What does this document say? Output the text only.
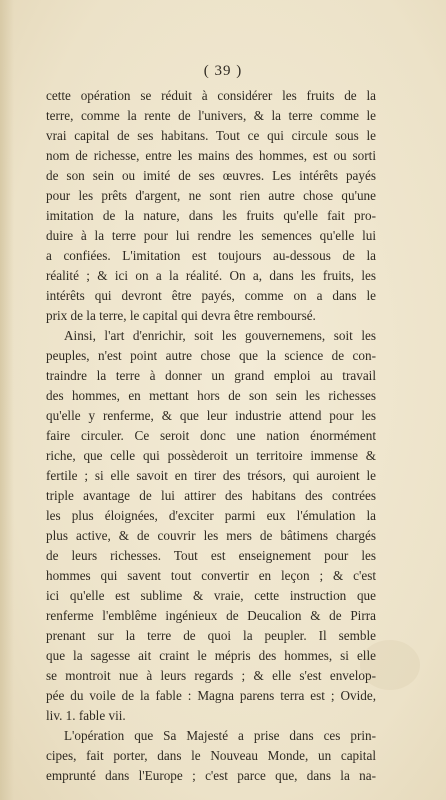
( 39 )
cette opération se réduit à considérer les fruits de la
terre, comme la rente de l'univers, & la terre comme le
vrai capital de ses habitans. Tout ce qui circule sous le
nom de richesse, entre les mains des hommes, est ou sorti
de son sein ou imité de ses œuvres. Les intérêts payés
pour les prêts d'argent, ne sont rien autre chose qu'une
imitation de la nature, dans les fruits qu'elle fait pro-
duire à la terre pour lui rendre les semences qu'elle lui
a confiées. L'imitation est toujours au-dessous de la
réalité ; & ici on a la réalité. On a, dans les fruits, les
intérêts qui devront être payés, comme on a dans le
prix de la terre, le capital qui devra être remboursé.
Ainsi, l'art d'enrichir, soit les gouvernemens, soit les
peuples, n'est point autre chose que la science de con-
traindre la terre à donner un grand emploi au travail
des hommes, en mettant hors de son sein les richesses
qu'elle y renferme, & que leur industrie attend pour les
faire circuler. Ce seroit donc une nation énormément
riche, que celle qui possèderoit un territoire immense &
fertile ; si elle savoit en tirer des trésors, qui auroient le
triple avantage de lui attirer des habitans des contrées
les plus éloignées, d'exciter parmi eux l'émulation la
plus active, & de couvrir les mers de bâtimens chargés
de leurs richesses. Tout est enseignement pour les
hommes qui savent tout convertir en leçon ; & c'est
ici qu'elle est sublime & vraie, cette instruction que
renferme l'emblême ingénieux de Deucalion & de Pirra
prenant sur la terre de quoi la peupler. Il semble
que la sagesse ait craint le mépris des hommes, si elle
se montroit nue à leurs regards ; & elle s'est envelop-
pée du voile de la fable : Magna parens terra est ; Ovide,
liv. 1. fable vii.
L'opération que Sa Majesté a prise dans ces prin-
cipes, fait porter, dans le Nouveau Monde, un capital
emprunté dans l'Europe ; c'est parce que, dans la na-
